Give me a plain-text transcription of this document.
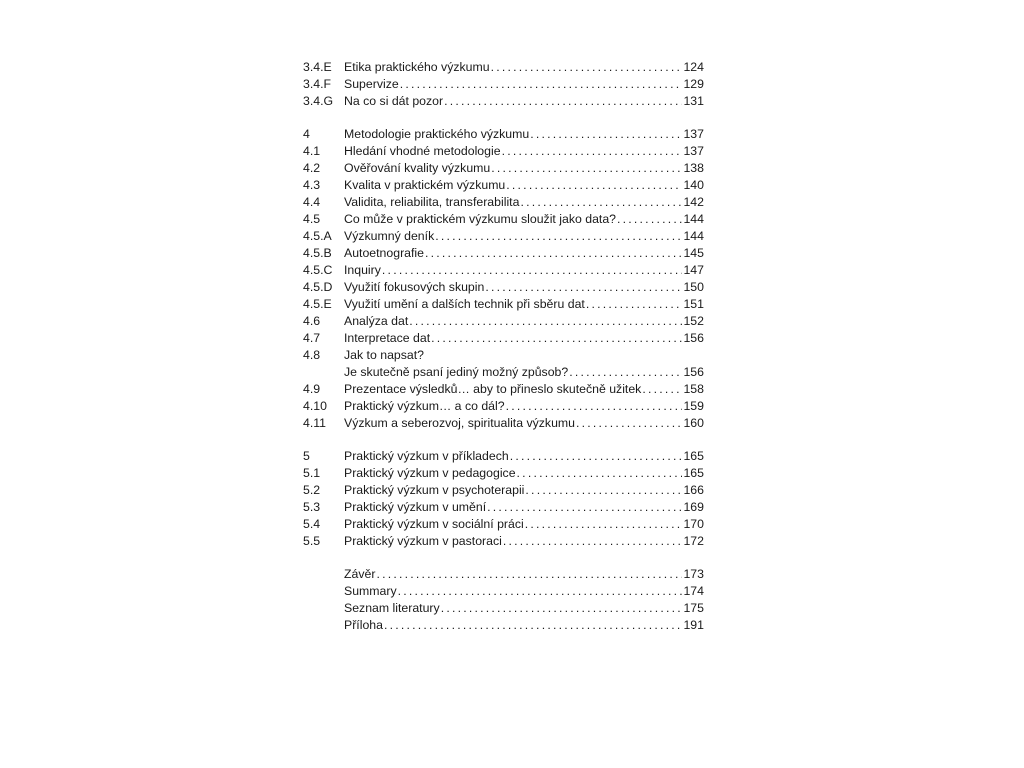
3.4.E Etika praktického výzkumu . . .	124
3.4.F	Supervize . . .	129
3.4.G Na co si dát pozor . . .	131
4	Metodologie praktického výzkumu . . .	137
4.1	Hledání vhodné metodologie . . .	137
4.2	Ověřování kvality výzkumu . . .	138
4.3	Kvalita v praktickém výzkumu . . .	140
4.4	Validita, reliabilita, transferabilita . . .	142
4.5	Co může v praktickém výzkumu sloužit jako data? . . .	144
4.5.A Výzkumný deník . . .	144
4.5.B Autoetnografie . . .	145
4.5.C Inquiry . . .	147
4.5.D Využití fokusových skupin . . .	150
4.5.E Využití umění a dalších technik při sběru dat . . .	151
4.6	Analýza dat . . .	152
4.7	Interpretace dat . . .	156
4.8	Jak to napsat?
Je skutečně psaní jediný možný způsob? . . .	156
4.9	Prezentace výsledků… aby to přineslo skutečně užitek . . .	158
4.10	Praktický výzkum… a co dál? . . .	159
4.11	Výzkum a seberozvoj, spiritualita výzkumu . . .	160
5	Praktický výzkum v příkladech . . .	165
5.1	Praktický výzkum v pedagogice . . .	165
5.2	Praktický výzkum v psychoterapii . . .	166
5.3	Praktický výzkum v umění . . .	169
5.4	Praktický výzkum v sociální práci . . .	170
5.5	Praktický výzkum v pastoraci . . .	172
Závěr . . .	173
Summary . . .	174
Seznam literatury . . .	175
Příloha . . .	191
